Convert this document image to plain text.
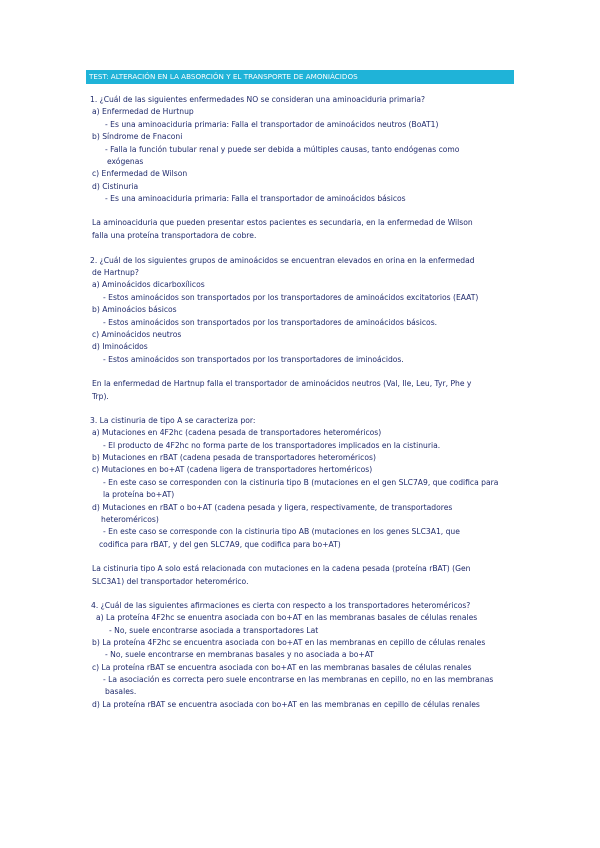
TEST: ALTERACIÓN EN LA ABSORCIÓN Y EL TRANSPORTE DE AMONIÁCIDOS
1. ¿Cuál de las siguientes enfermedades NO se consideran una aminoaciduria primaria?
a) Enfermedad de Hurtnup
- Es una aminoaciduria primaria: Falla el transportador de aminoácidos neutros (BoAT1)
b) Síndrome de Fnaconi
- Falla la función tubular renal y puede ser debida a múltiples causas, tanto endógenas como
exógenas
c) Enfermedad de Wilson
d) Cistinuria
- Es una aminoaciduria primaria: Falla el transportador de aminoácidos básicos
La aminoaciduria que pueden presentar estos pacientes es secundaria, en la enfermedad de Wilson
falla una proteína transportadora de cobre.
2. ¿Cuál de los siguientes grupos de aminoácidos se encuentran elevados en orina en la enfermedad
de Hartnup?
a) Aminoácidos dicarboxílicos
- Estos aminoácidos son transportados por los transportadores de aminoácidos excitatorios (EAAT)
b) Aminoácios básicos
- Estos aminoácidos son transportados por los transportadores de aminoácidos básicos.
c) Aminoácidos neutros
d) Iminoácidos
- Estos aminoácidos son transportados por los transportadores de iminoácidos.
En la enfermedad de Hartnup falla el transportador de aminoácidos neutros (Val, Ile, Leu, Tyr, Phe y
Trp).
3. La cistinuria de tipo A se caracteriza por:
a) Mutaciones en 4F2hc (cadena pesada de transportadores heteroméricos)
- El producto de 4F2hc no forma parte de los transportadores implicados en la cistinuria.
b) Mutaciones en rBAT (cadena pesada de transportadores heteroméricos)
c) Mutaciones en bo+AT (cadena ligera de transportadores hertoméricos)
- En este caso se corresponden con la cistinuria tipo B (mutaciones en el gen SLC7A9, que codifica para
la proteína bo+AT)
d) Mutaciones en rBAT o bo+AT (cadena pesada y ligera, respectivamente, de transportadores
heteroméricos)
- En este caso se corresponde con la cistinuria tipo AB (mutaciones en los genes SLC3A1, que
codifica para rBAT, y del gen SLC7A9, que codifica para bo+AT)
La cistinuria tipo A solo está relacionada con mutaciones en la cadena pesada (proteína rBAT) (Gen
SLC3A1) del transportador heteromérico.
4. ¿Cuál de las siguientes afirmaciones es cierta con respecto a los transportadores heteroméricos?
a) La proteína 4F2hc se enuentra asociada con bo+AT en las membranas basales de células renales
- No, suele encontrarse asociada a transportadores Lat
b) La proteína 4F2hc se encuentra asociada con bo+AT en las membranas en cepillo de células renales
- No, suele encontrarse en membranas basales y no asociada a bo+AT
c) La proteína rBAT se encuentra asociada con bo+AT en las membranas basales de células renales
- La asociación es correcta pero suele encontrarse en las membranas en cepillo, no en las membranas
basales.
d) La proteína rBAT se encuentra asociada con bo+AT en las membranas en cepillo de células renales
